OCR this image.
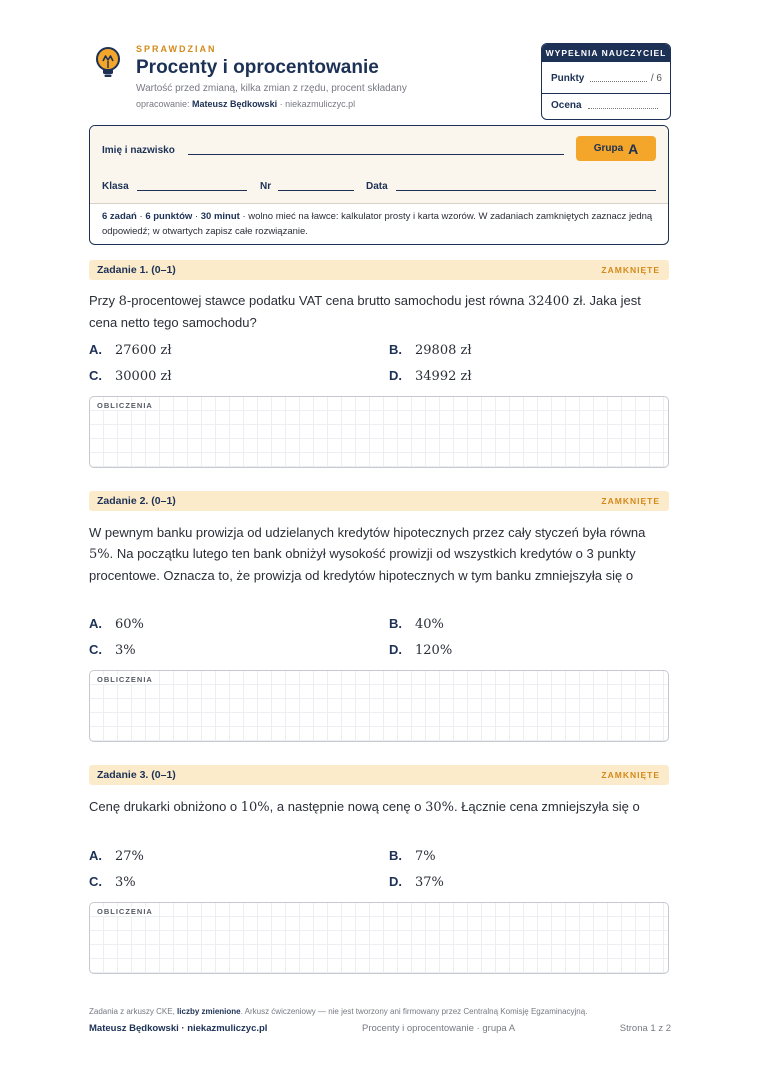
SPRAWDZIAN
Procenty i oprocentowanie
Wartość przed zmianą, kilka zmian z rzędu, procent składany
opracowanie: Mateusz Będkowski · niekazmuliczyc.pl
WYPEŁNIA NAUCZYCIEL
Punkty	/ 6
Ocena
Imię i nazwisko	Grupa A
Klasa	Nr	Data
6 zadań · 6 punktów · 30 minut · wolno mieć na ławce: kalkulator prosty i karta wzorów. W zadaniach zamkniętych zaznacz jedną odpowiedź; w otwartych zapisz całe rozwiązanie.
Zadanie 1. (0–1)	ZAMKNIĘTE
Przy 8-procentowej stawce podatku VAT cena brutto samochodu jest równa 32400 zł. Jaka jest cena netto tego samochodu?
A.	27600 zł	B.	29808 zł
C.	30000 zł	D.	34992 zł
OBLICZENIA
Zadanie 2. (0–1)	ZAMKNIĘTE
W pewnym banku prowizja od udzielanych kredytów hipotecznych przez cały styczeń była równa 5%. Na początku lutego ten bank obniżył wysokość prowizji od wszystkich kredytów o 3 punkty procentowe. Oznacza to, że prowizja od kredytów hipotecznych w tym banku zmniejszyła się o
A.	60%	B.	40%
C.	3%	D.	120%
OBLICZENIA
Zadanie 3. (0–1)	ZAMKNIĘTE
Cenę drukarki obniżono o 10%, a następnie nową cenę o 30%. Łącznie cena zmniejszyła się o
A.	27%	B.	7%
C.	3%	D.	37%
OBLICZENIA
Zadania z arkuszy CKE, liczby zmienione. Arkusz ćwiczeniowy — nie jest tworzony ani firmowany przez Centralną Komisję Egzaminacyjną.
Mateusz Będkowski · niekazmuliczyc.pl	Procenty i oprocentowanie · grupa A	Strona 1 z 2
